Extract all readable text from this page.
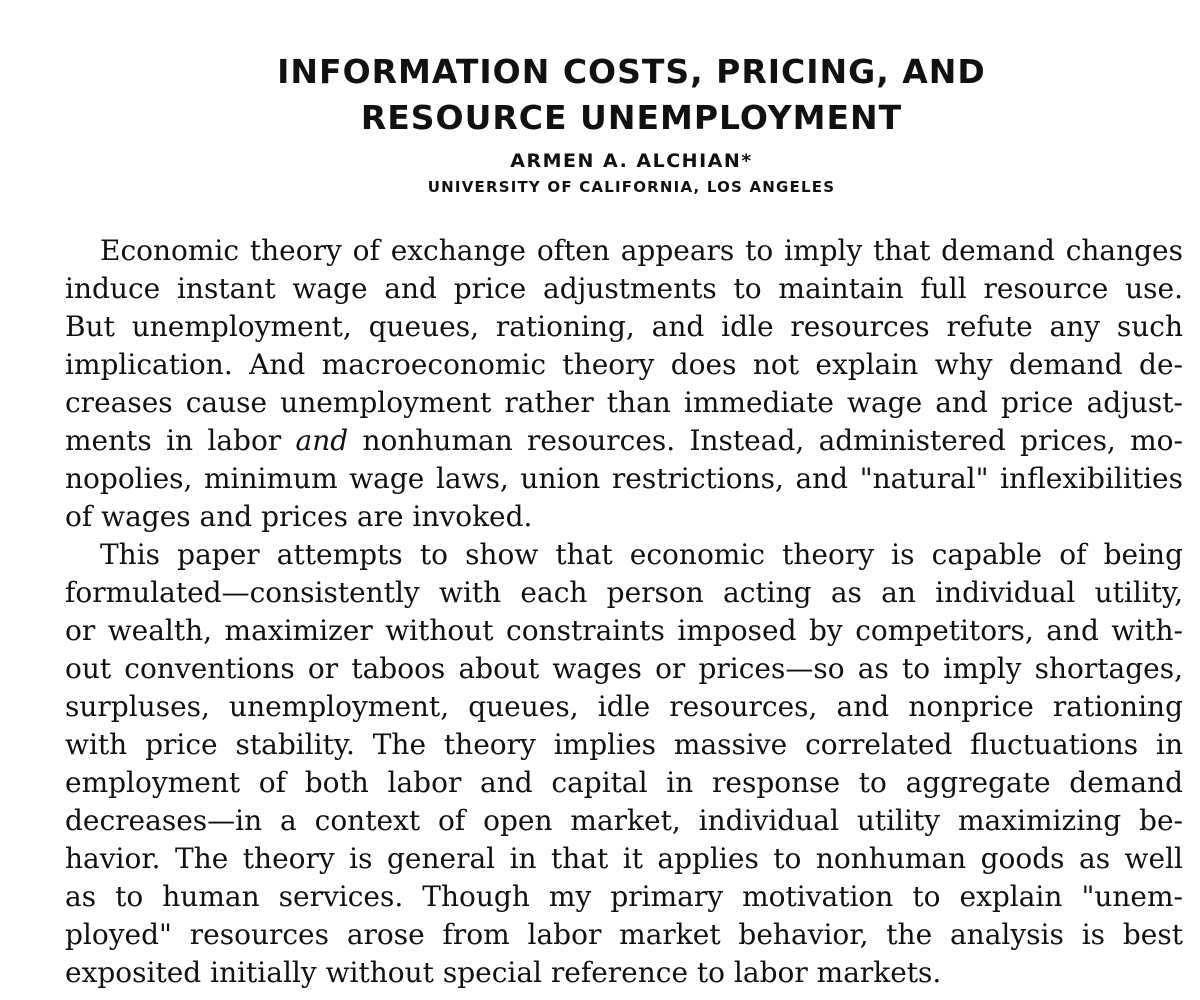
INFORMATION COSTS, PRICING, AND
RESOURCE UNEMPLOYMENT
ARMEN A. ALCHIAN*
UNIVERSITY OF CALIFORNIA, LOS ANGELES

Economic theory of exchange often appears to imply that demand changes
induce instant wage and price adjustments to maintain full resource use.
But unemployment, queues, rationing, and idle resources refute any such
implication. And macroeconomic theory does not explain why demand de-
creases cause unemployment rather than immediate wage and price adjust-
ments in labor and nonhuman resources. Instead, administered prices, mo-
nopolies, minimum wage laws, union restrictions, and "natural" inflexibilities
of wages and prices are invoked.

This paper attempts to show that economic theory is capable of being
formulated—consistently with each person acting as an individual utility,
or wealth, maximizer without constraints imposed by competitors, and with-
out conventions or taboos about wages or prices—so as to imply shortages,
surpluses, unemployment, queues, idle resources, and nonprice rationing
with price stability. The theory implies massive correlated fluctuations in
employment of both labor and capital in response to aggregate demand
decreases—in a context of open market, individual utility maximizing be-
havior. The theory is general in that it applies to nonhuman goods as well
as to human services. Though my primary motivation to explain "unem-
ployed" resources arose from labor market behavior, the analysis is best
exposited initially without special reference to labor markets.
